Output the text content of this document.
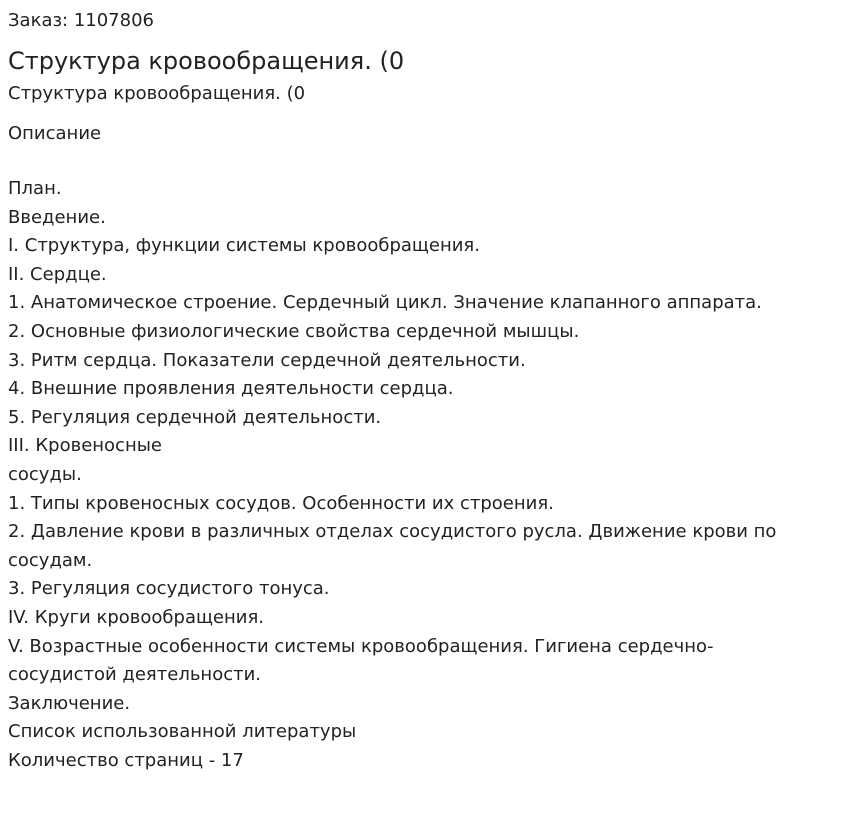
Заказ: 1107806
Структура кровообращения. (0
Структура кровообращения. (0
Описание
План.
Введение.
I. Структура, функции системы кровообращения.
II. Сердце.
1. Анатомическое строение. Сердечный цикл. Значение клапанного аппарата.
2. Основные физиологические свойства сердечной мышцы.
3. Ритм сердца. Показатели сердечной деятельности.
4. Внешние проявления деятельности сердца.
5. Регуляция сердечной деятельности.
III. Кровеносные
сосуды.
1. Типы кровеносных сосудов. Особенности их строения.
2. Давление крови в различных отделах сосудистого русла. Движение крови по
сосудам.
3. Регуляция сосудистого тонуса.
IV. Круги кровообращения.
V. Возрастные особенности системы кровообращения. Гигиена сердечно-
сосудистой деятельности.
Заключение.
Список использованной литературы
Количество страниц - 17
